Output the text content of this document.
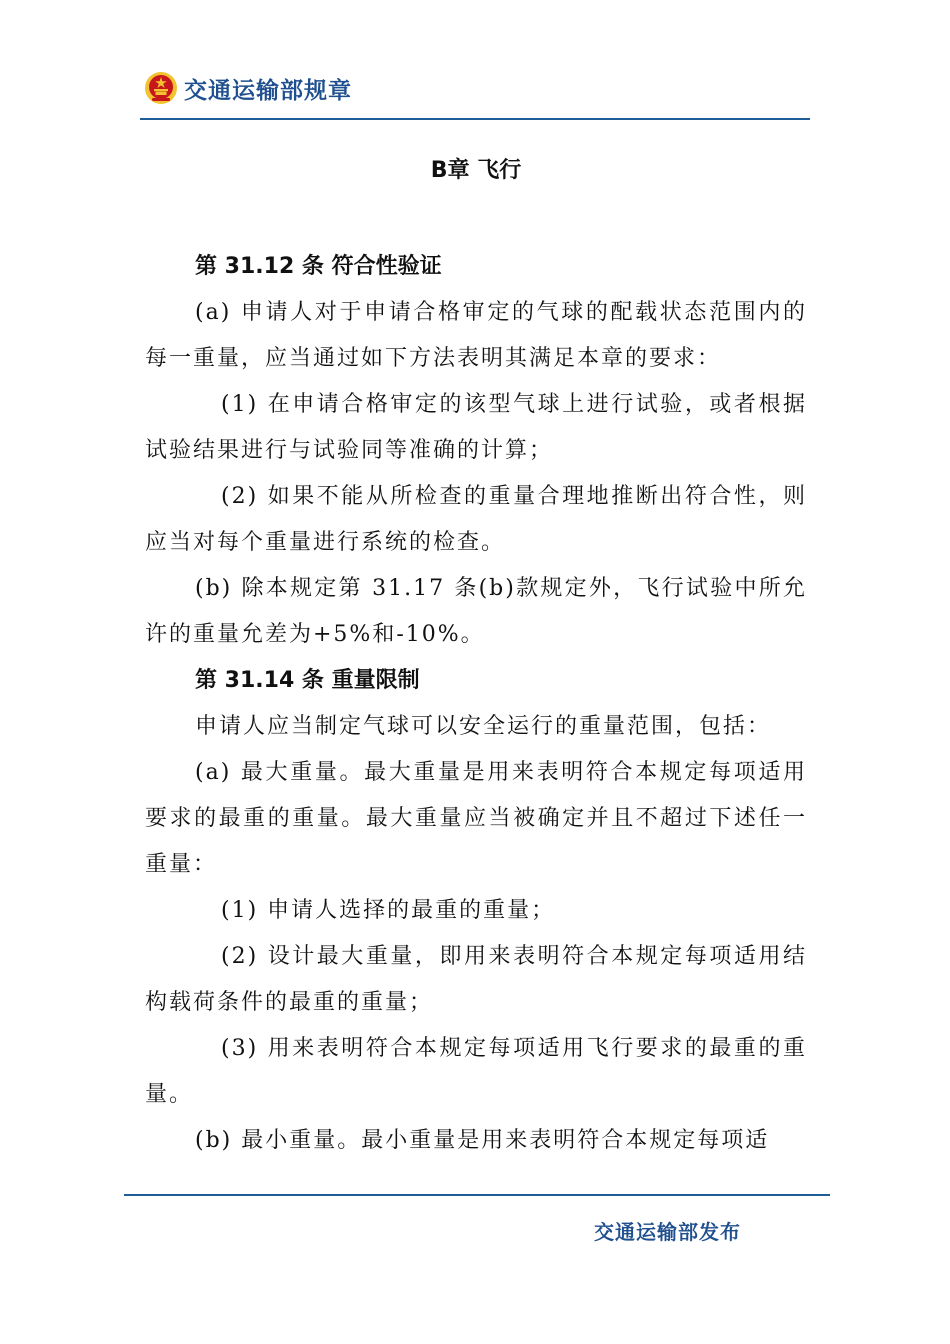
交通运输部规章
B章 飞行
第 31.12 条 符合性验证

(a) 申请人对于申请合格审定的气球的配载状态范围内的每一重量，应当通过如下方法表明其满足本章的要求：

(1) 在申请合格审定的该型气球上进行试验，或者根据试验结果进行与试验同等准确的计算；

(2) 如果不能从所检查的重量合理地推断出符合性，则应当对每个重量进行系统的检查。

(b) 除本规定第 31.17 条(b)款规定外，飞行试验中所允许的重量允差为+5%和-10%。

第 31.14 条 重量限制

申请人应当制定气球可以安全运行的重量范围，包括：

(a) 最大重量。最大重量是用来表明符合本规定每项适用要求的最重的重量。最大重量应当被确定并且不超过下述任一重量：

(1) 申请人选择的最重的重量；

(2) 设计最大重量，即用来表明符合本规定每项适用结构载荷条件的最重的重量；

(3) 用来表明符合本规定每项适用飞行要求的最重的重量。

(b) 最小重量。最小重量是用来表明符合本规定每项适

交通运输部发布
